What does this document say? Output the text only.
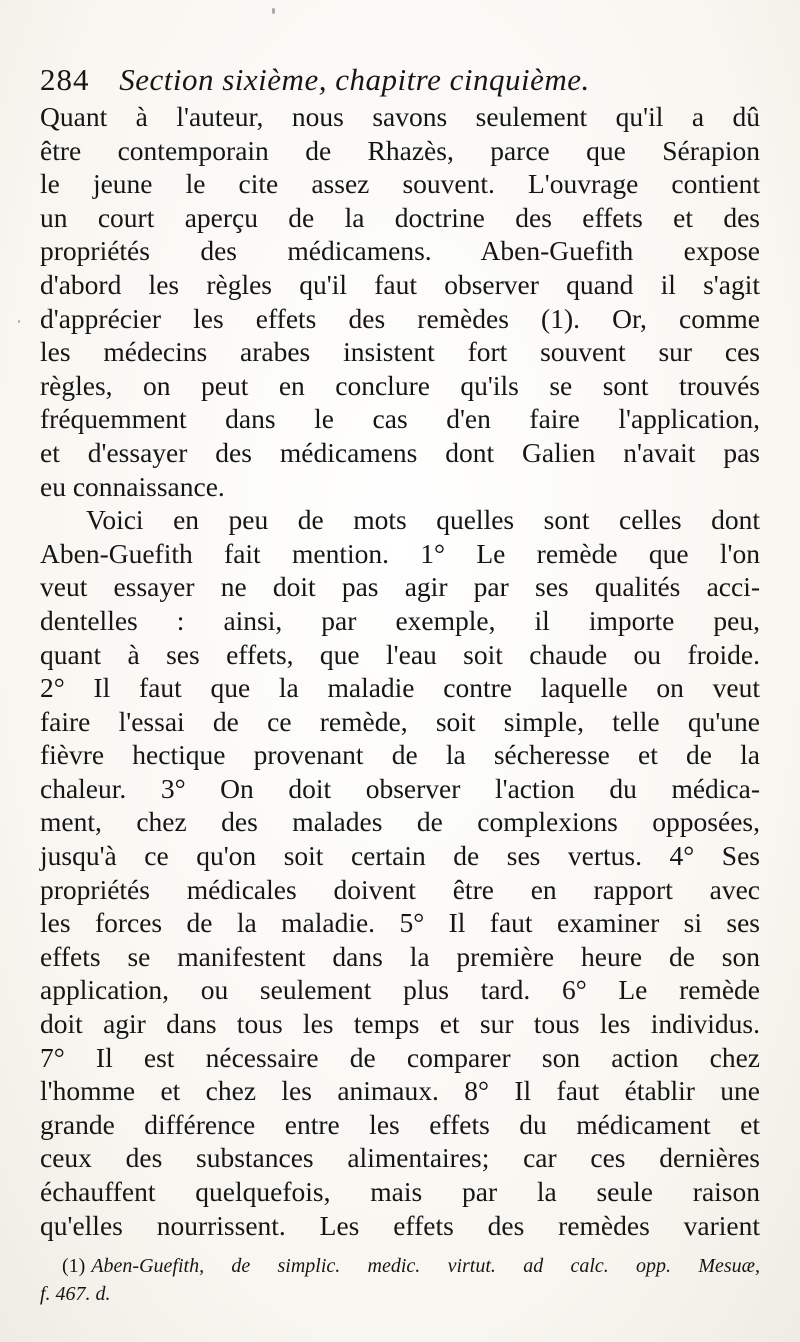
284 Section sixième, chapitre cinquième.
Quant à l'auteur, nous savons seulement qu'il a dû
être contemporain de Rhazès, parce que Sérapion
le jeune le cite assez souvent. L'ouvrage contient
un court aperçu de la doctrine des effets et des
propriétés des médicamens. Aben-Guefith expose
d'abord les règles qu'il faut observer quand il s'agit
d'apprécier les effets des remèdes (1). Or, comme
les médecins arabes insistent fort souvent sur ces
règles, on peut en conclure qu'ils se sont trouvés
fréquemment dans le cas d'en faire l'application,
et d'essayer des médicamens dont Galien n'avait pas
eu connaissance.
Voici en peu de mots quelles sont celles dont
Aben-Guefith fait mention. 1° Le remède que l'on
veut essayer ne doit pas agir par ses qualités acci-
dentelles : ainsi, par exemple, il importe peu,
quant à ses effets, que l'eau soit chaude ou froide.
2° Il faut que la maladie contre laquelle on veut
faire l'essai de ce remède, soit simple, telle qu'une
fièvre hectique provenant de la sécheresse et de la
chaleur. 3° On doit observer l'action du médica-
ment, chez des malades de complexions opposées,
jusqu'à ce qu'on soit certain de ses vertus. 4° Ses
propriétés médicales doivent être en rapport avec
les forces de la maladie. 5° Il faut examiner si ses
effets se manifestent dans la première heure de son
application, ou seulement plus tard. 6° Le remède
doit agir dans tous les temps et sur tous les individus.
7° Il est nécessaire de comparer son action chez
l'homme et chez les animaux. 8° Il faut établir une
grande différence entre les effets du médicament et
ceux des substances alimentaires; car ces dernières
échauffent quelquefois, mais par la seule raison
qu'elles nourrissent. Les effets des remèdes varient
(1) Aben-Guefith, de simplic. medic. virtut. ad calc. opp. Mesuæ,
f. 467. d.
